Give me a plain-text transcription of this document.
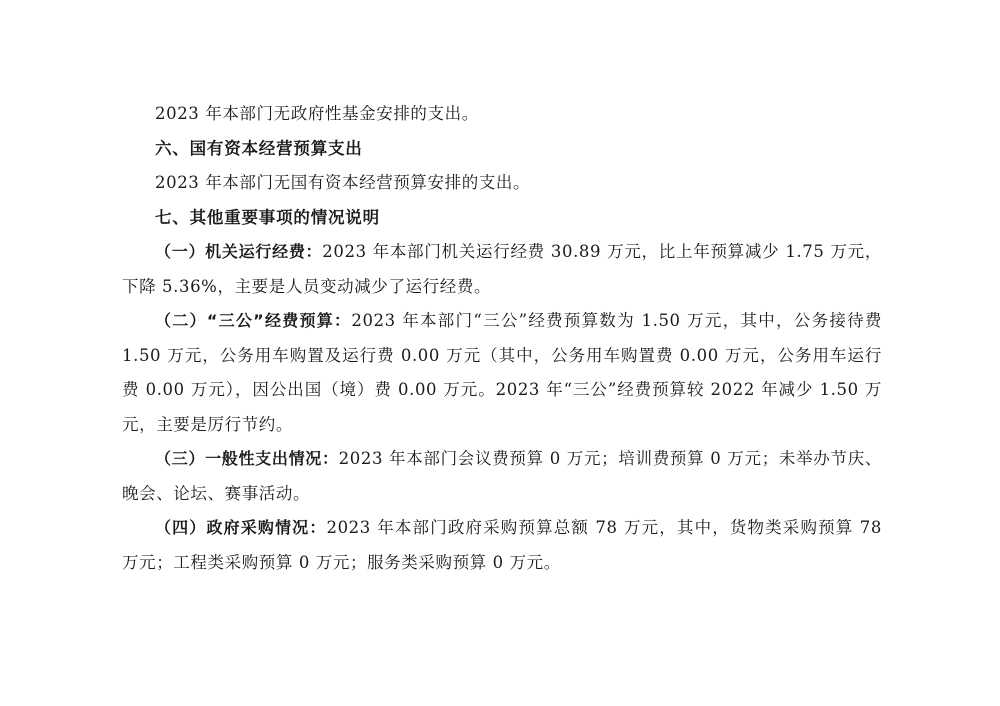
2023 年本部门无政府性基金安排的支出。

六、国有资本经营预算支出

2023 年本部门无国有资本经营预算安排的支出。

七、其他重要事项的情况说明

（一）机关运行经费：2023 年本部门机关运行经费 30.89 万元，比上年预算减少 1.75 万元，下降 5.36%，主要是人员变动减少了运行经费。

（二）“三公”经费预算：2023 年本部门“三公”经费预算数为 1.50 万元，其中，公务接待费 1.50 万元，公务用车购置及运行费 0.00 万元（其中，公务用车购置费 0.00 万元，公务用车运行费 0.00 万元），因公出国（境）费 0.00 万元。2023 年“三公”经费预算较 2022 年减少 1.50 万元，主要是厉行节约。

（三）一般性支出情况：2023 年本部门会议费预算 0 万元；培训费预算 0 万元；未举办节庆、晚会、论坛、赛事活动。

（四）政府采购情况：2023 年本部门政府采购预算总额 78 万元，其中，货物类采购预算 78 万元；工程类采购预算 0 万元；服务类采购预算 0 万元。
